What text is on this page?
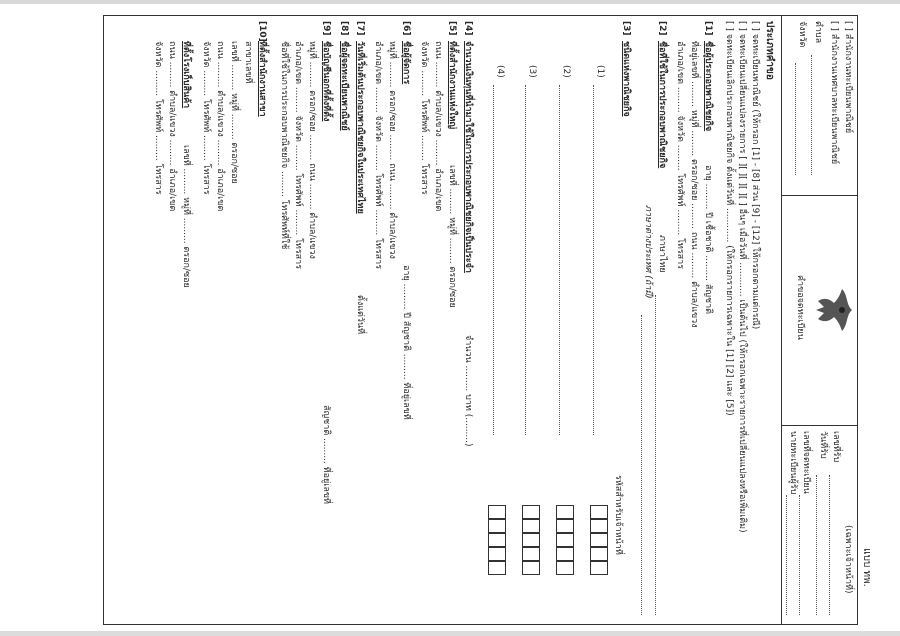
แบบ ทพ.
[ ] สำนักงานทะเบียนพาณิชย์
[ ] สำนักงานเทศบาลทะเบียนพาณิชย์
ตำบล
จังหวัด
คำขอจดทะเบียน
(เฉพาะเจ้าหน้าที่)
เลขที่รับ
วันที่รับ
เลขที่จดทะเบียน
นายทะเบียนผู้รับ
ประเภทคำขอ
[ ] จดทะเบียนพาณิชย์ (ให้กรอก [1] - [8] ส่วน [9] - [12] ให้กรอกตามแต่กรณี)
[ ] จดทะเบียนเปลี่ยนแปลงรายการ [ ][ ][ ][ ][ ] อื่นๆ เมื่อวันที่ ............ เป็นต้นไป (ให้กรอกเฉพาะรายการที่เปลี่ยนแปลงหรือเพิ่มเติม)
[ ] จดทะเบียนเลิกประกอบพาณิชยกิจ ตั้งแต่วันที่ ............ (ให้กรอกรายการเฉพาะใน [1] [2] และ [5])
[1]
ชื่อผู้ประกอบพาณิชยกิจ
อายุ ......... ปี เชื้อชาติ ......... สัญชาติ
ที่อยู่เลขที่ ......... หมู่ที่ ......... ตรอก/ซอย ......... ถนน ......... ตำบล/แขวง
อำเภอ/เขต ......... จังหวัด ......... โทรศัพท์ ......... โทรสาร
[2]
ชื่อที่ใช้ในการประกอบพาณิชยกิจ
ภาษาไทย
ภาษาต่างประเทศ (ถ้ามี)
[3]
ชนิดแห่งพาณิชยกิจ
รหัสสำหรับเจ้าหน้าที่
(1)
(2)
(3)
(4)
[4]
จำนวนเงินทุนที่นำมาใช้ในการประกอบพาณิชยกิจเป็นประจำ
จำนวน ......... บาท (.........)
[5]
ที่ตั้งสำนักงานแห่งใหญ่
เลขที่ ......... หมู่ที่ ......... ตรอก/ซอย
ถนน ......... ตำบล/แขวง ......... อำเภอ/เขต
จังหวัด ......... โทรศัพท์ ......... โทรสาร
[6]
ชื่อผู้จัดการ
อายุ ......... ปี สัญชาติ ......... ที่อยู่เลขที่
หมู่ที่ ......... ตรอก/ซอย ......... ถนน ......... ตำบล/แขวง
อำเภอ/เขต ......... จังหวัด ......... โทรศัพท์ ......... โทรสาร
[7]
วันที่เริ่มต้นประกอบพาณิชยกิจในประเทศไทย
ตั้งแต่วันที่
[8]
ชื่อผู้จดทะเบียนพาณิชย์
[9]
ชื่อบัญชีนอกที่ตั้งที่ตั้ง
สัญชาติ ......... ที่อยู่เลขที่
หมู่ที่ ......... ตรอก/ซอย ......... ถนน ......... ตำบล/แขวง
อำเภอ/เขต ......... จังหวัด ......... โทรศัพท์ ......... โทรสาร
ชื่อที่ใช้ในการประกอบพาณิชยกิจ ......... โทรศัพท์ที่ใช้
[10]
ที่ตั้งสำนักงานสาขา
สาขาเลขที่
เลขที่ ......... หมู่ที่ ......... ตรอก/ซอย
ถนน ......... ตำบล/แขวง ......... อำเภอ/เขต
จังหวัด ......... โทรศัพท์ ......... โทรสาร
ที่ตั้งโรงเก็บสินค้า
เลขที่ ......... หมู่ที่ ......... ตรอก/ซอย
ถนน ......... ตำบล/แขวง ......... อำเภอ/เขต
จังหวัด ......... โทรศัพท์ ......... โทรสาร
